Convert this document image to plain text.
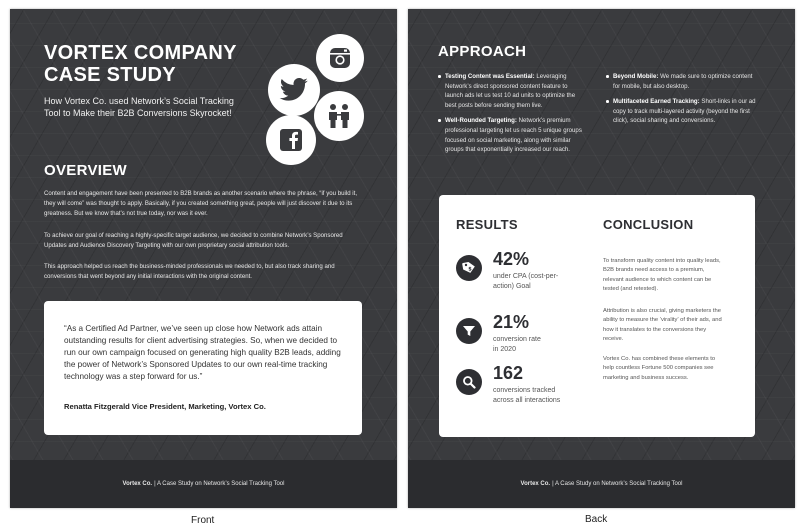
VORTEX COMPANY
CASE STUDY
How Vortex Co. used Network’s Social Tracking Tool to Make their B2B Conversions Skyrocket!
OVERVIEW
Content and engagement have been presented to B2B brands as another scenario where the phrase, “if you build it, they will come” was thought to apply. Basically, if you created something great, people will just discover it due to its greatness. But we know that’s not true today, nor was it ever.
To achieve our goal of reaching a highly-specific target audience, we decided to combine Network’s Sponsored Updates and Audience Discovery Targeting with our own proprietary social attribution tools.
This approach helped us reach the business-minded professionals we needed to, but also track sharing and conversions that went beyond any initial interactions with the original content.
“As a Certified Ad Partner, we’ve seen up close how Network ads attain outstanding results for client advertising strategies. So, when we decided to run our own campaign focused on generating high quality B2B leads, adding the power of Network’s Sponsored Updates to our own real-time tracking technology was a step forward for us.”
Renatta Fitzgerald Vice President, Marketing, Vortex Co.
Vortex Co. | A Case Study on Network’s Social Tracking Tool
APPROACH
Testing Content was Essential: Leveraging Network’s direct sponsored content feature to launch ads let us test 10 ad units to optimize the best posts before sending them live.
Well-Rounded Targeting: Network’s premium professional targeting let us reach 5 unique groups focused on social marketing, along with similar groups that exponentially increased our reach.
Beyond Mobile: We made sure to optimize content for mobile, but also desktop.
Multifaceted Earned Tracking: Short-links in our ad copy to track multi-layered activity (beyond the first click), social sharing and conversions.
RESULTS	CONCLUSION
$
42%
under CPA (cost-per-action) Goal
21%
conversion rate in 2020
162
conversions tracked across all interactions
To transform quality content into quality leads, B2B brands need access to a premium, relevant audience to which content can be tested (and retested).
Attribution is also crucial, giving marketers the ability to measure the ‘virality’ of their ads, and how it translates to the conversions they receive.
Vortex Co. has combined these elements to help countless Fortune 500 companies see marketing and business success.
Vortex Co. | A Case Study on Network’s Social Tracking Tool
Front	Back
